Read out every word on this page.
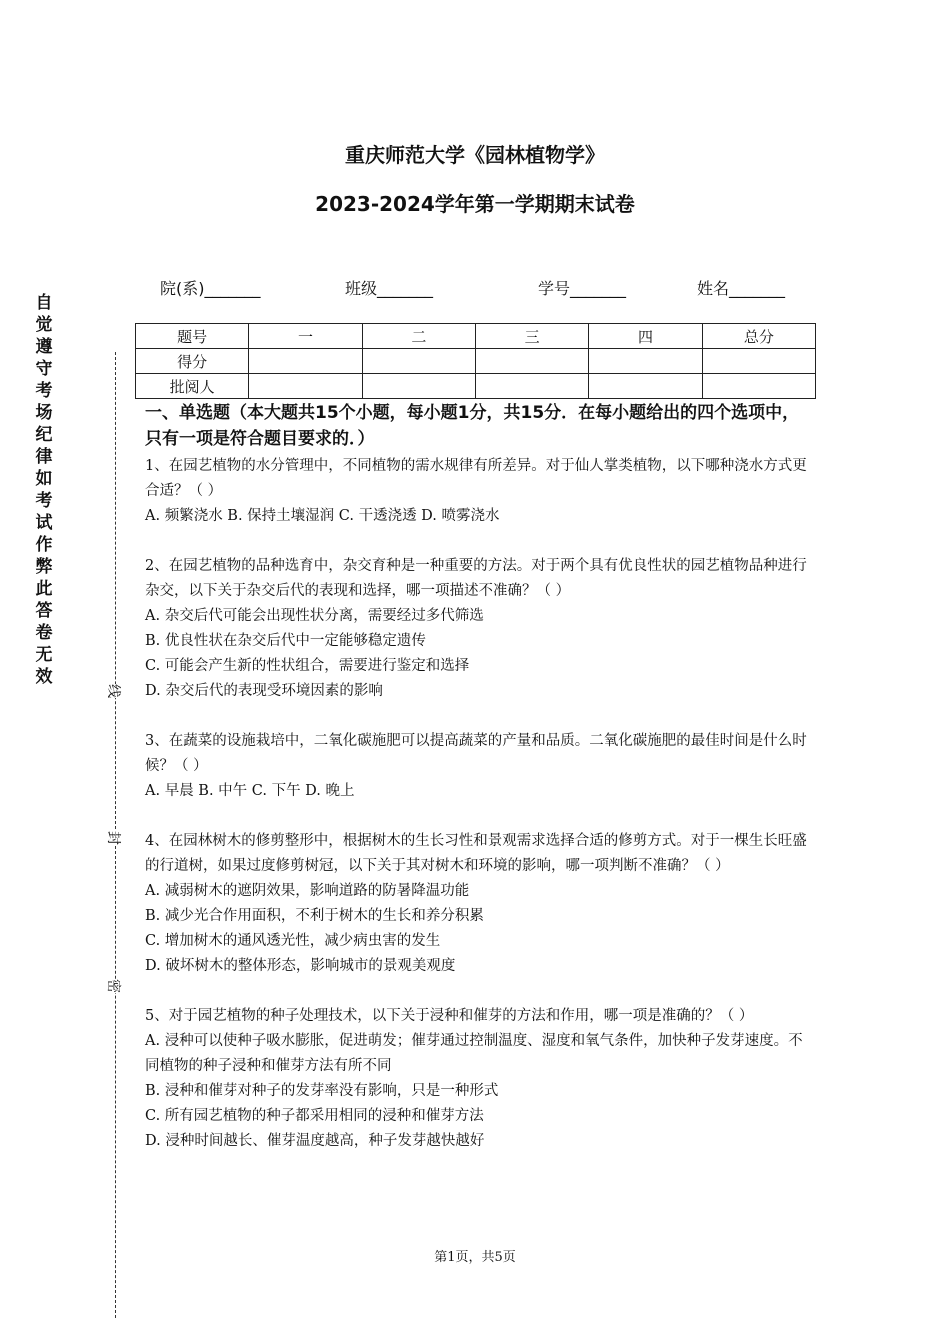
重庆师范大学《园林植物学》
2023-2024学年第一学期期末试卷
院(系)_______	班级_______	学号_______	姓名_______
自觉遵守考场纪律如考试作弊此答卷无效
线
封
密
题号	一	二	三	四	总分
得分					
批阅人					
一、单选题（本大题共15个小题，每小题1分，共15分．在每小题给出的四个选项中，只有一项是符合题目要求的．）
1、在园艺植物的水分管理中，不同植物的需水规律有所差异。对于仙人掌类植物，以下哪种浇水方式更合适？（ ）
A. 频繁浇水 B. 保持土壤湿润 C. 干透浇透 D. 喷雾浇水
2、在园艺植物的品种选育中，杂交育种是一种重要的方法。对于两个具有优良性状的园艺植物品种进行杂交，以下关于杂交后代的表现和选择，哪一项描述不准确？（ ）
A. 杂交后代可能会出现性状分离，需要经过多代筛选
B. 优良性状在杂交后代中一定能够稳定遗传
C. 可能会产生新的性状组合，需要进行鉴定和选择
D. 杂交后代的表现受环境因素的影响
3、在蔬菜的设施栽培中，二氧化碳施肥可以提高蔬菜的产量和品质。二氧化碳施肥的最佳时间是什么时候？（ ）
A. 早晨 B. 中午 C. 下午 D. 晚上
4、在园林树木的修剪整形中，根据树木的生长习性和景观需求选择合适的修剪方式。对于一棵生长旺盛的行道树，如果过度修剪树冠，以下关于其对树木和环境的影响，哪一项判断不准确？（ ）
A. 减弱树木的遮阴效果，影响道路的防暑降温功能
B. 减少光合作用面积，不利于树木的生长和养分积累
C. 增加树木的通风透光性，减少病虫害的发生
D. 破坏树木的整体形态，影响城市的景观美观度
5、对于园艺植物的种子处理技术，以下关于浸种和催芽的方法和作用，哪一项是准确的？（ ）
A. 浸种可以使种子吸水膨胀，促进萌发；催芽通过控制温度、湿度和氧气条件，加快种子发芽速度。不同植物的种子浸种和催芽方法有所不同
B. 浸种和催芽对种子的发芽率没有影响，只是一种形式
C. 所有园艺植物的种子都采用相同的浸种和催芽方法
D. 浸种时间越长、催芽温度越高，种子发芽越快越好
第1页，共5页
